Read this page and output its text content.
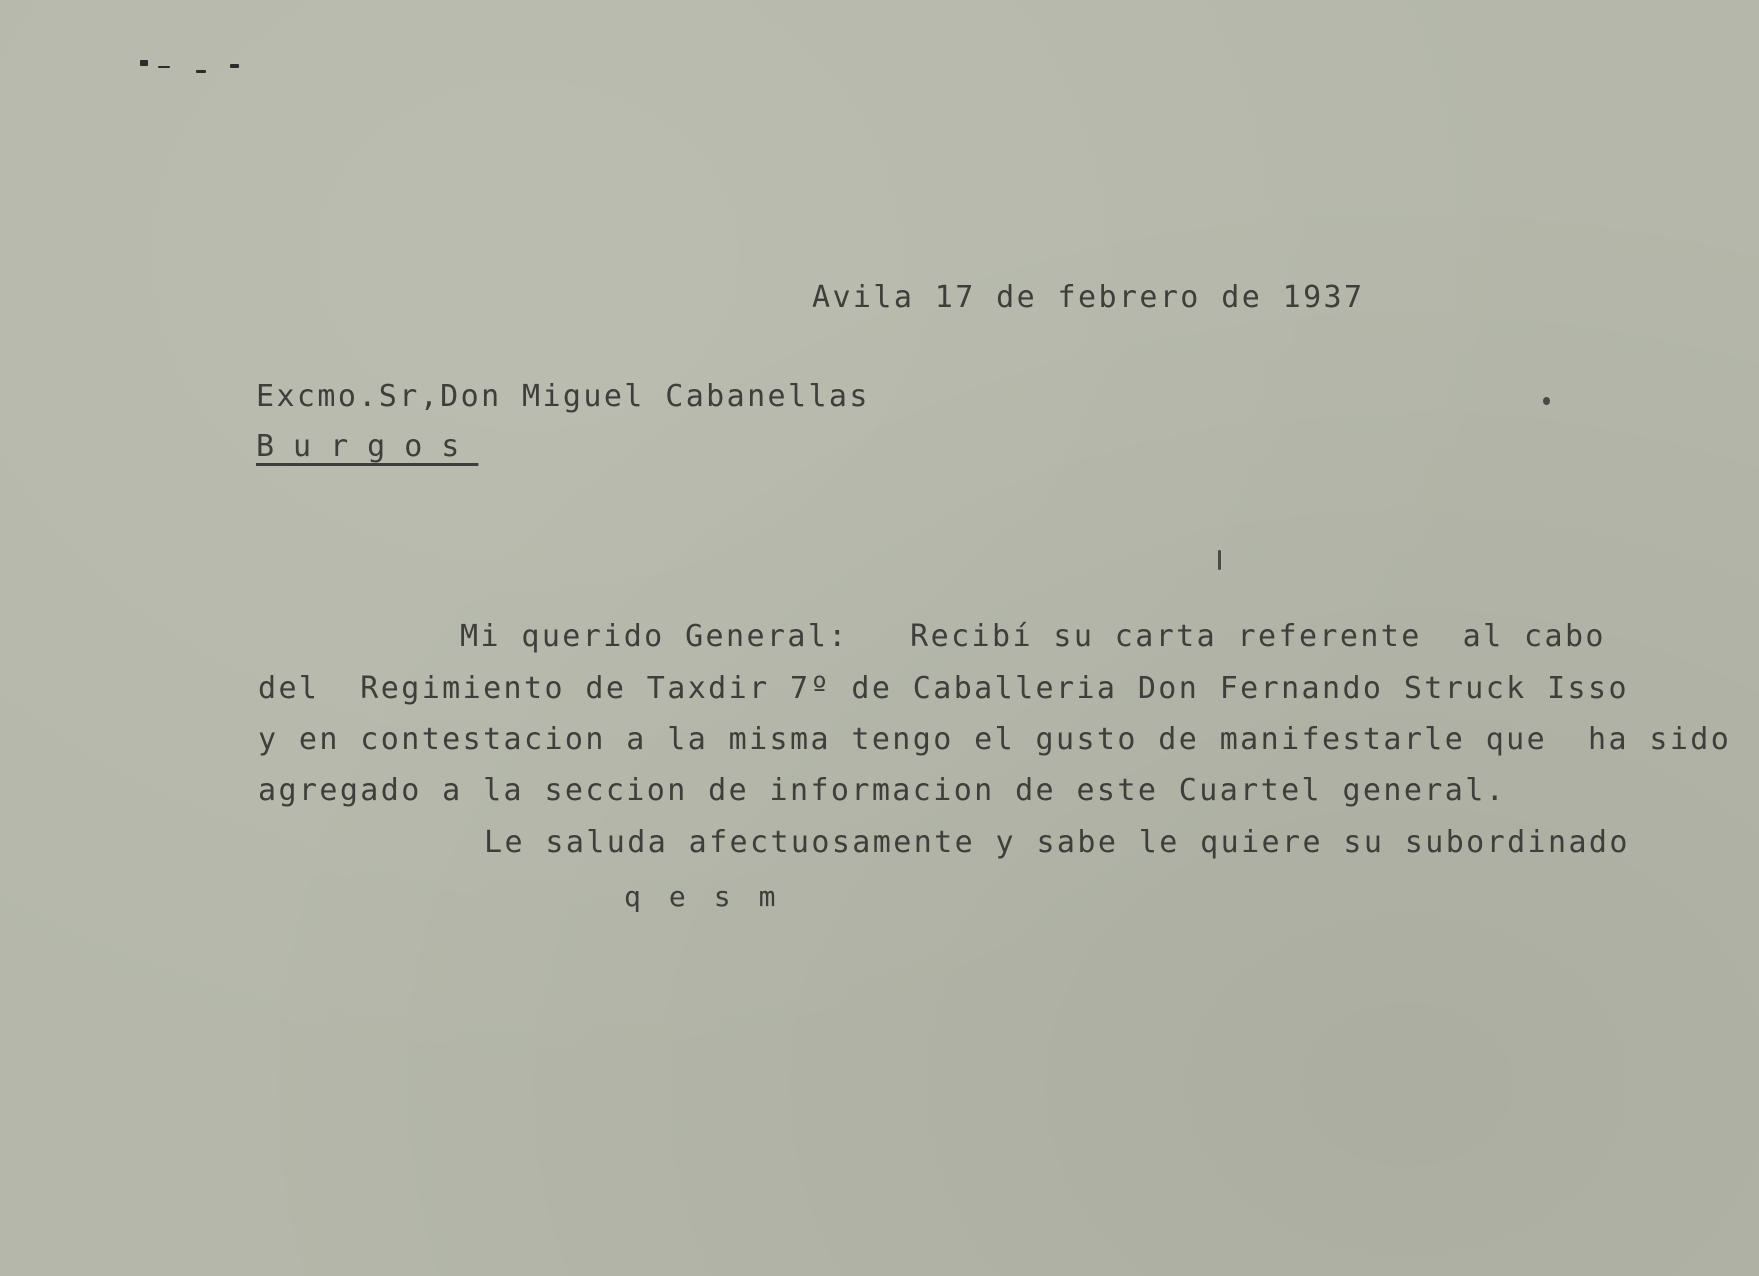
Avila 17 de febrero de 1937
Excmo.Sr,Don Miguel Cabanellas
Burgos
Mi querido General: Recibí su carta referente al cabo
del  Regimiento de Taxdir 7º de Caballeria Don Fernando Struck Isso
y en contestacion a la misma tengo el gusto de manifestarle que  ha sido
agregado a la seccion de informacion de este Cuartel general.
Le saluda afectuosamente y sabe le quiere su subordinado
qesm
